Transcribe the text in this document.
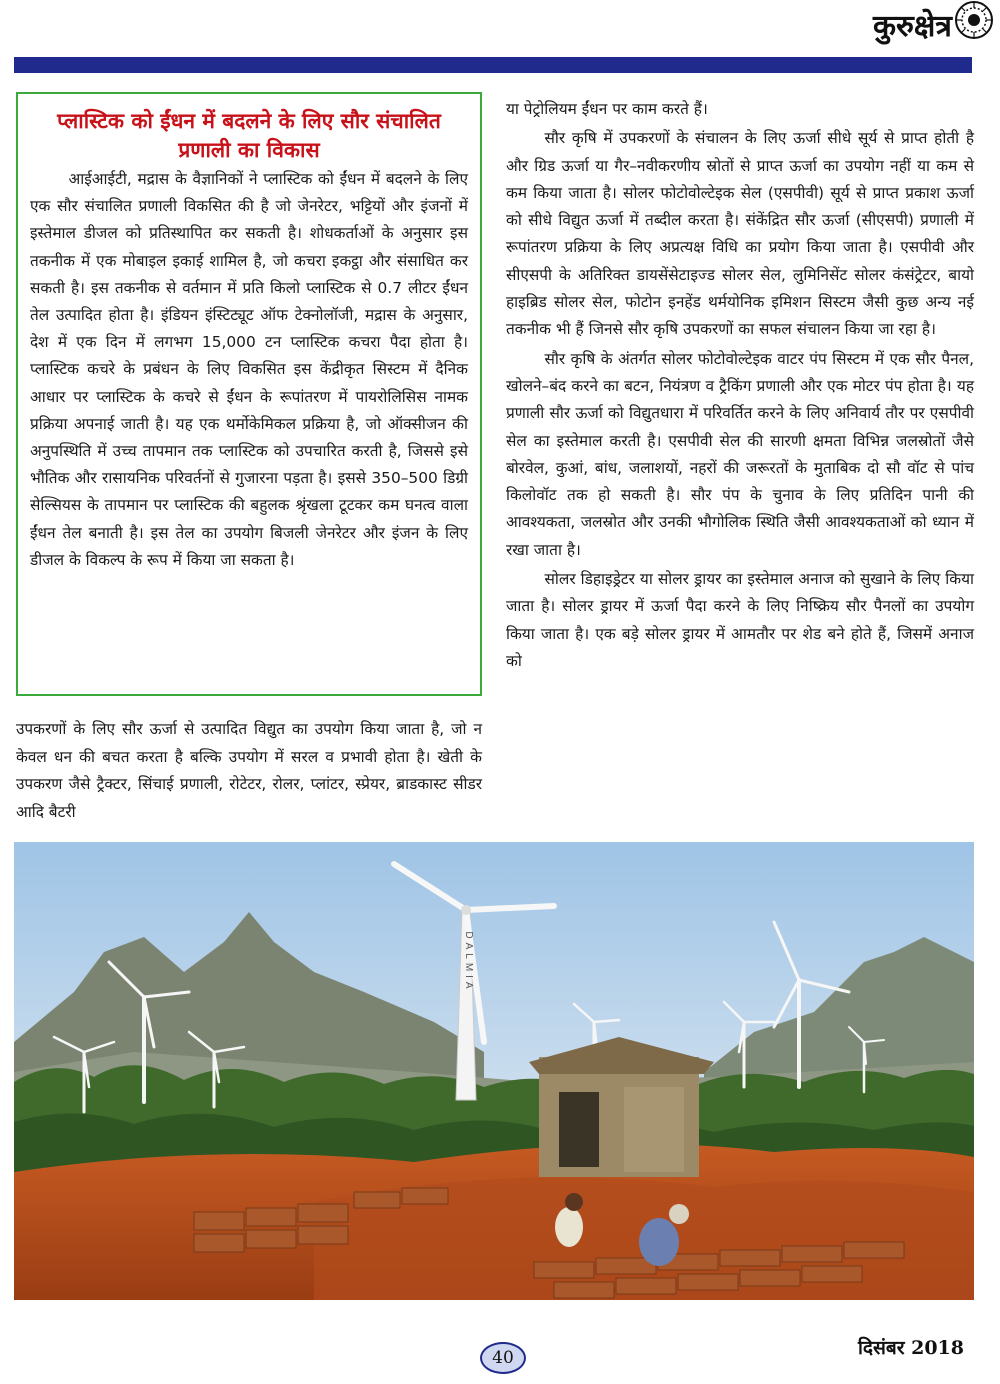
कुरुक्षेत्र
प्लास्टिक को ईंधन में बदलने के लिए सौर संचालित प्रणाली का विकास

आईआईटी, मद्रास के वैज्ञानिकों ने प्लास्टिक को ईंधन में बदलने के लिए एक सौर संचालित प्रणाली विकसित की है जो जेनरेटर, भट्टियों और इंजनों में इस्तेमाल डीजल को प्रतिस्थापित कर सकती है। शोधकर्ताओं के अनुसार इस तकनीक में एक मोबाइल इकाई शामिल है, जो कचरा इकट्ठा और संसाधित कर सकती है। इस तकनीक से वर्तमान में प्रति किलो प्लास्टिक से 0.7 लीटर ईंधन तेल उत्पादित होता है। इंडियन इंस्टिट्यूट ऑफ टेक्नोलॉजी, मद्रास के अनुसार, देश में एक दिन में लगभग 15,000 टन प्लास्टिक कचरा पैदा होता है। प्लास्टिक कचरे के प्रबंधन के लिए विकसित इस केंद्रीकृत सिस्टम में दैनिक आधार पर प्लास्टिक के कचरे से ईंधन के रूपांतरण में पायरोलिसिस नामक प्रक्रिया अपनाई जाती है। यह एक थर्मोकेमिकल प्रक्रिया है, जो ऑक्सीजन की अनुपस्थिति में उच्च तापमान तक प्लास्टिक को उपचारित करती है, जिससे इसे भौतिक और रासायनिक परिवर्तनों से गुजारना पड़ता है। इससे 350–500 डिग्री सेल्सियस के तापमान पर प्लास्टिक की बहुलक श्रृंखला टूटकर कम घनत्व वाला ईंधन तेल बनाती है। इस तेल का उपयोग बिजली जेनरेटर और इंजन के लिए डीजल के विकल्प के रूप में किया जा सकता है।

उपकरणों के लिए सौर ऊर्जा से उत्पादित विद्युत का उपयोग किया जाता है, जो न केवल धन की बचत करता है बल्कि उपयोग में सरल व प्रभावी होता है। खेती के उपकरण जैसे ट्रैक्टर, सिंचाई प्रणाली, रोटेटर, रोलर, प्लांटर, स्प्रेयर, ब्राडकास्ट सीडर आदि बैटरी

या पेट्रोलियम ईंधन पर काम करते हैं।

सौर कृषि में उपकरणों के संचालन के लिए ऊर्जा सीधे सूर्य से प्राप्त होती है और ग्रिड ऊर्जा या गैर–नवीकरणीय स्रोतों से प्राप्त ऊर्जा का उपयोग नहीं या कम से कम किया जाता है। सोलर फोटोवोल्टेइक सेल (एसपीवी) सूर्य से प्राप्त प्रकाश ऊर्जा को सीधे विद्युत ऊर्जा में तब्दील करता है। संकेंद्रित सौर ऊर्जा (सीएसपी) प्रणाली में रूपांतरण प्रक्रिया के लिए अप्रत्यक्ष विधि का प्रयोग किया जाता है। एसपीवी और सीएसपी के अतिरिक्त डायसेंसेटाइज्ड सोलर सेल, लुमिनिसेंट सोलर कंसंट्रेटर, बायो हाइब्रिड सोलर सेल, फोटोन इनहेंड थर्मयोनिक इमिशन सिस्टम जैसी कुछ अन्य नई तकनीक भी हैं जिनसे सौर कृषि उपकरणों का सफल संचालन किया जा रहा है।

सौर कृषि के अंतर्गत सोलर फोटोवोल्टेइक वाटर पंप सिस्टम में एक सौर पैनल, खोलने–बंद करने का बटन, नियंत्रण व ट्रैकिंग प्रणाली और एक मोटर पंप होता है। यह प्रणाली सौर ऊर्जा को विद्युतधारा में परिवर्तित करने के लिए अनिवार्य तौर पर एसपीवी सेल का इस्तेमाल करती है। एसपीवी सेल की सारणी क्षमता विभिन्न जलस्रोतों जैसे बोरवेल, कुआं, बांध, जलाशयों, नहरों की जरूरतों के मुताबिक दो सौ वॉट से पांच किलोवॉट तक हो सकती है। सौर पंप के चुनाव के लिए प्रतिदिन पानी की आवश्यकता, जलस्रोत और उनकी भौगोलिक स्थिति जैसी आवश्यकताओं को ध्यान में रखा जाता है।

सोलर डिहाइड्रेटर या सोलर ड्रायर का इस्तेमाल अनाज को सुखाने के लिए किया जाता है। सोलर ड्रायर में ऊर्जा पैदा करने के लिए निष्क्रिय सौर पैनलों का उपयोग किया जाता है। एक बड़े सोलर ड्रायर में आमतौर पर शेड बने होते हैं, जिसमें अनाज को

DALMIA
40	दिसंबर 2018
